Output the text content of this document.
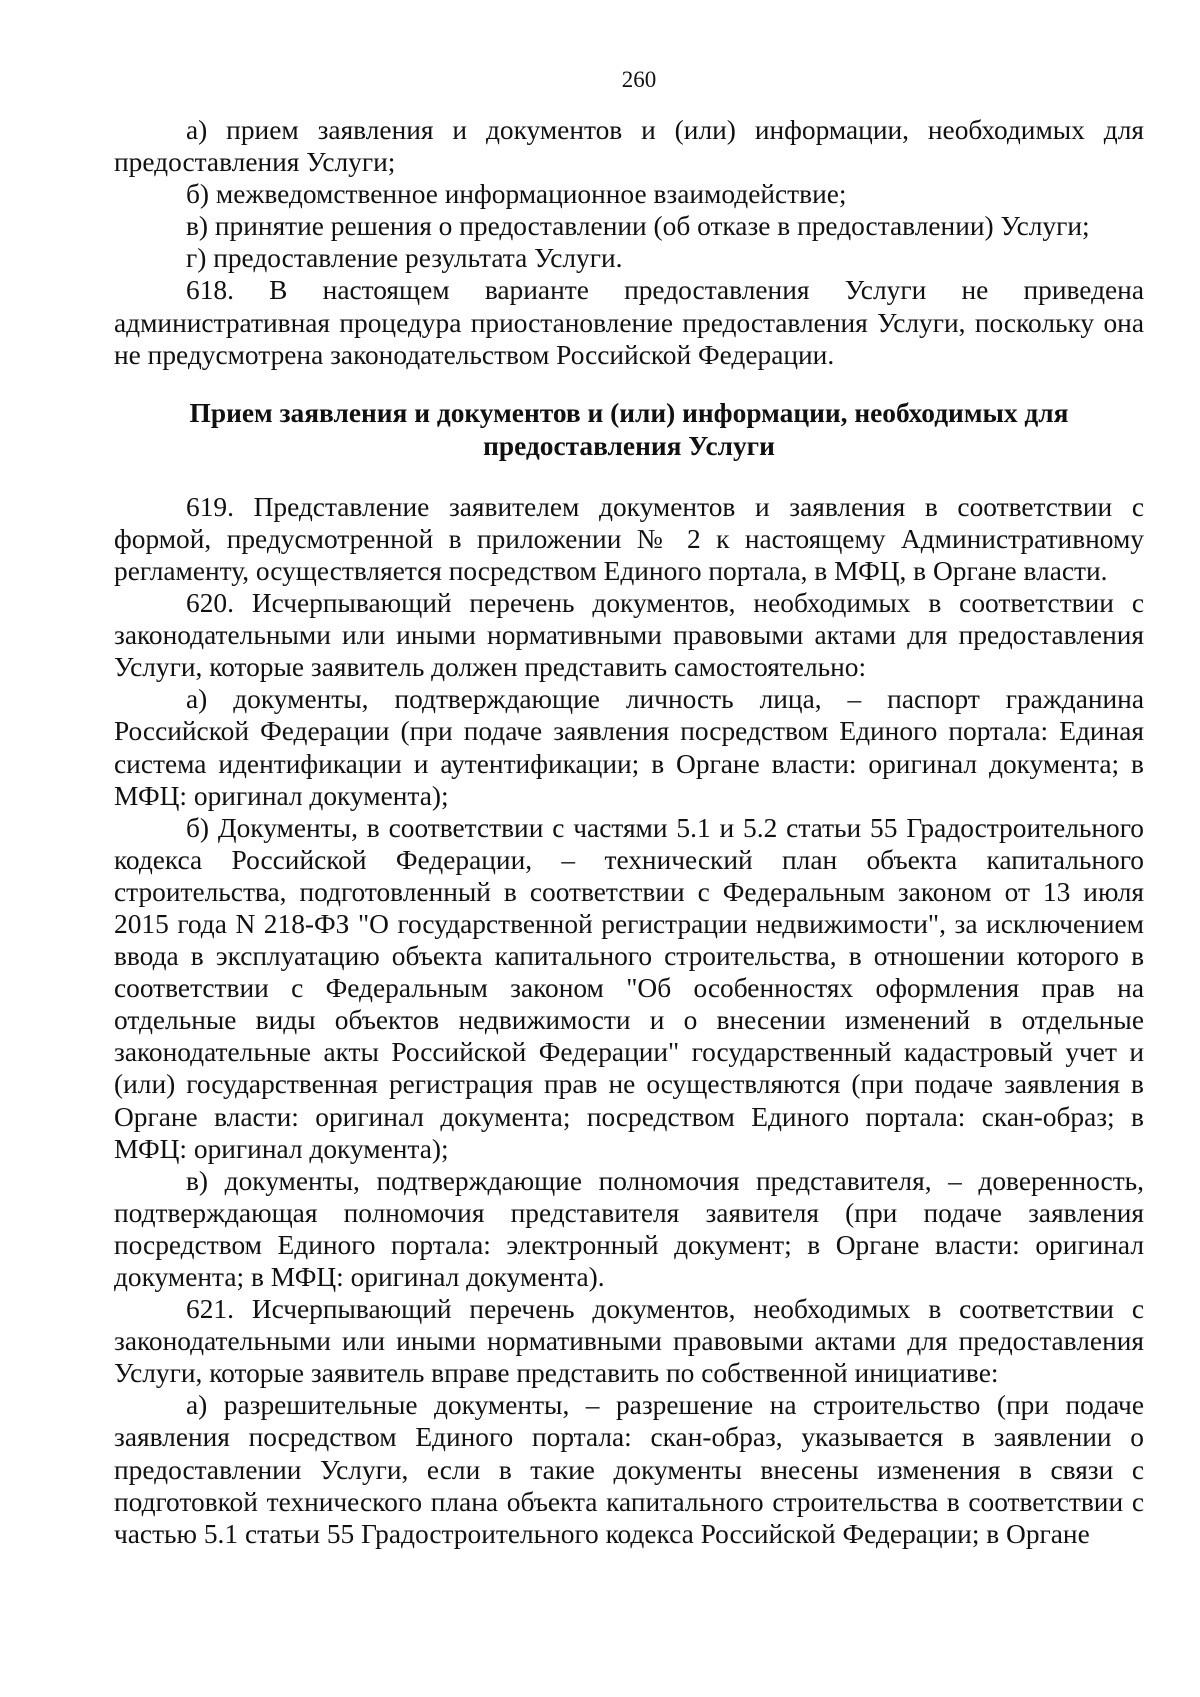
260

а) прием заявления и документов и (или) информации, необходимых для предоставления Услуги;

б) межведомственное информационное взаимодействие;

в) принятие решения о предоставлении (об отказе в предоставлении) Услуги;

г) предоставление результата Услуги.

618. В настоящем варианте предоставления Услуги не приведена административная процедура приостановление предоставления Услуги, поскольку она не предусмотрена законодательством Российской Федерации.

Прием заявления и документов и (или) информации, необходимых для предоставления Услуги

619. Представление заявителем документов и заявления в соответствии с формой, предусмотренной в приложении № 2 к настоящему Административному регламенту, осуществляется посредством Единого портала, в МФЦ, в Органе власти.

620. Исчерпывающий перечень документов, необходимых в соответствии с законодательными или иными нормативными правовыми актами для предоставления Услуги, которые заявитель должен представить самостоятельно:

а) документы, подтверждающие личность лица, – паспорт гражданина Российской Федерации (при подаче заявления посредством Единого портала: Единая система идентификации и аутентификации; в Органе власти: оригинал документа; в МФЦ: оригинал документа);

б) Документы, в соответствии с частями 5.1 и 5.2 статьи 55 Градостроительного кодекса Российской Федерации, – технический план объекта капитального строительства, подготовленный в соответствии с Федеральным законом от 13 июля 2015 года N 218-ФЗ "О государственной регистрации недвижимости", за исключением ввода в эксплуатацию объекта капитального строительства, в отношении которого в соответствии с Федеральным законом "Об особенностях оформления прав на отдельные виды объектов недвижимости и о внесении изменений в отдельные законодательные акты Российской Федерации" государственный кадастровый учет и (или) государственная регистрация прав не осуществляются (при подаче заявления в Органе власти: оригинал документа; посредством Единого портала: скан-образ; в МФЦ: оригинал документа);

в) документы, подтверждающие полномочия представителя, – доверенность, подтверждающая полномочия представителя заявителя (при подаче заявления посредством Единого портала: электронный документ; в Органе власти: оригинал документа; в МФЦ: оригинал документа).

621. Исчерпывающий перечень документов, необходимых в соответствии с законодательными или иными нормативными правовыми актами для предоставления Услуги, которые заявитель вправе представить по собственной инициативе:

а) разрешительные документы, – разрешение на строительство (при подаче заявления посредством Единого портала: скан-образ, указывается в заявлении о предоставлении Услуги, если в такие документы внесены изменения в связи с подготовкой технического плана объекта капитального строительства в соответствии с частью 5.1 статьи 55 Градостроительного кодекса Российской Федерации; в Органе
